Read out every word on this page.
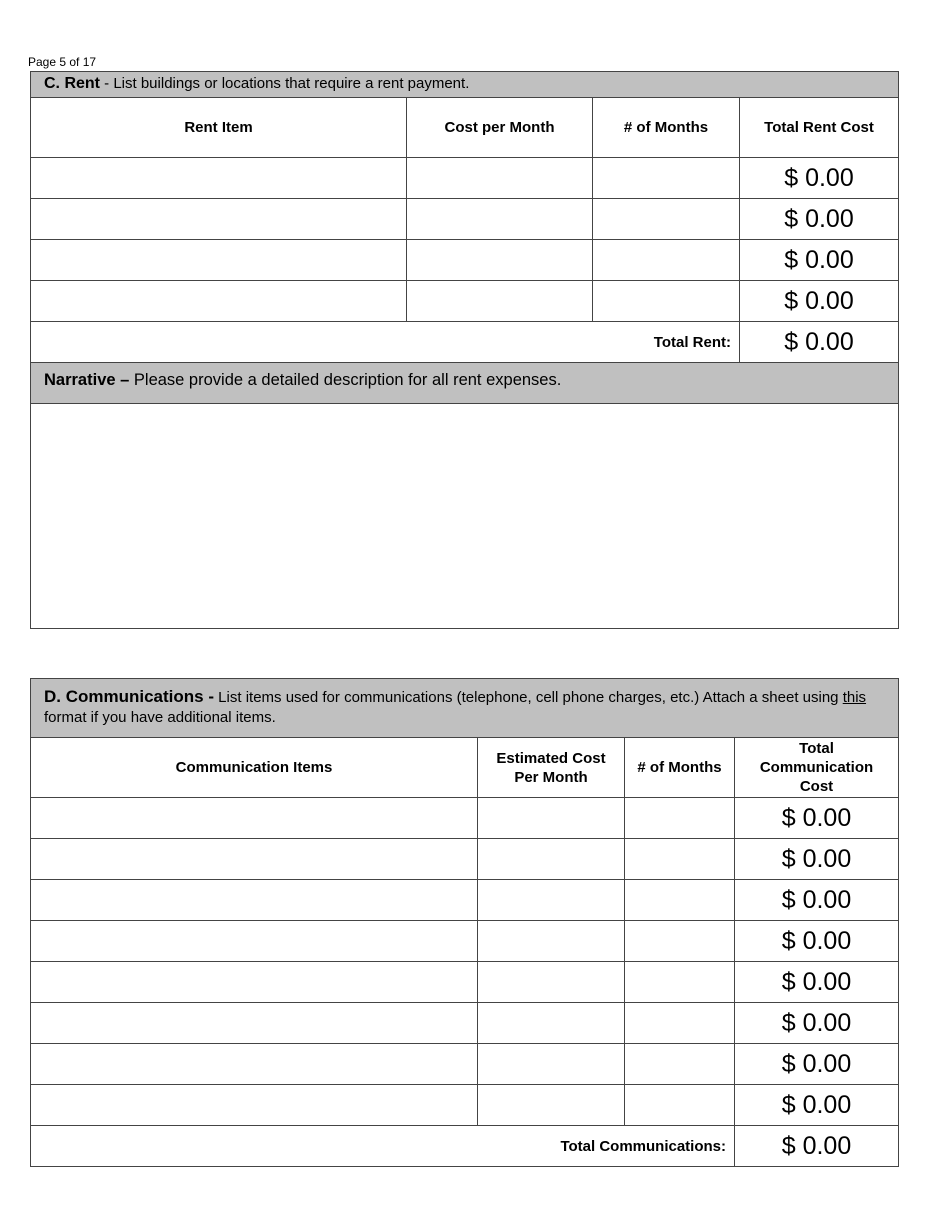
Page 5 of 17
C. Rent - List buildings or locations that require a rent payment.			
Rent Item	Cost per Month	# of Months	Total Rent Cost
			$ 0.00
			$ 0.00
			$ 0.00
			$ 0.00
Total Rent:			$ 0.00
Narrative – Please provide a detailed description for all rent expenses.			

D. Communications - List items used for communications (telephone, cell phone charges, etc.) Attach a sheet using this format if you have additional items.			
Communication Items	Estimated Cost Per Month	# of Months	Total Communication Cost
			$ 0.00
			$ 0.00
			$ 0.00
			$ 0.00
			$ 0.00
			$ 0.00
			$ 0.00
			$ 0.00
Total Communications:			$ 0.00
